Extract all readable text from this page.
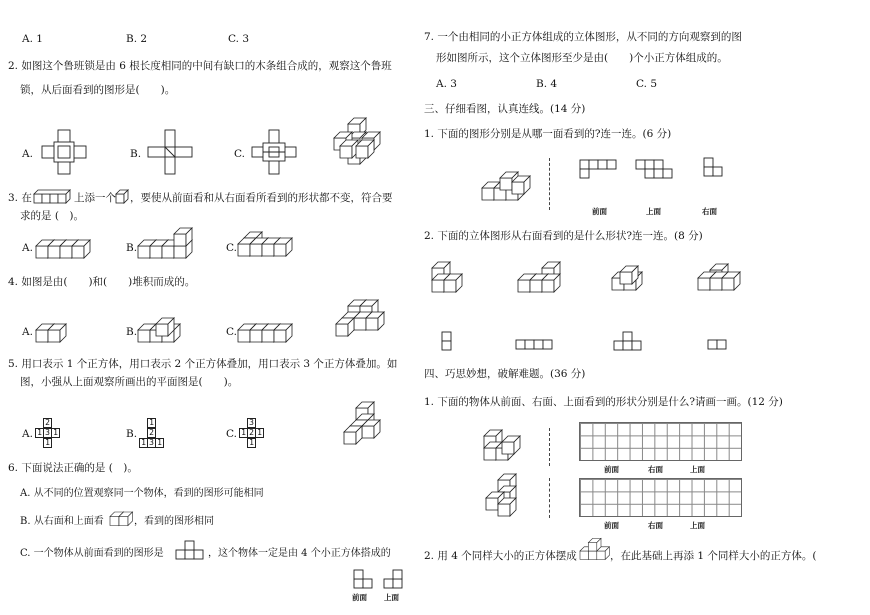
A. 1	B. 2	C. 3
2. 如图这个鲁班锁是由 6 根长度相同的中间有缺口的木条组合成的，观察这个鲁班
锁，从后面看到的图形是(　　)。
A.	B.	C.
3. 在	上添一个 ，要使从前面看和从右面看所看到的形状都不变，符合要
求的是 (　)。
A.	B.	C.
4. 如图是由(　　)和(　　)堆积而成的。
A.	B.	C.
5. 用口表示 1 个正方体，用口表示 2 个正方体叠加，用口表示 3 个正方体叠加。如
图，小强从上面观察所画出的平面图是(　　)。
A.
2
1 3 1
1
B.
1
2
1 3 1
C.
3
1 2 1
1
6. 下面说法正确的是 (　)。
A. 从不同的位置观察同一个物体，看到的图形可能相同
B. 从右面和上面看	，看到的图形相同
C. 一个物体从前面看到的图形是	，这个物体一定是由 4 个小正方体搭成的
前面 上面
7. 一个由相同的小正方体组成的立体图形，从不同的方向观察到的图
形如图所示，这个立体图形至少是由(　　)个小正方体组成的。
A. 3	B. 4	C. 5
三、仔细看图，认真连线。(14 分)
1. 下面的图形分别是从哪一面看到的?连一连。(6 分)
前面	上面	右面
2. 下面的立体图形从右面看到的是什么形状?连一连。(8 分)
四、巧思妙想，破解难题。(36 分)
1. 下面的物体从前面、右面、上面看到的形状分别是什么?请画一画。(12 分)
前面	右面	上面
前面	右面	上面
2. 用 4 个同样大小的正方体摆成	，在此基础上再添 1 个同样大小的正方体。(
